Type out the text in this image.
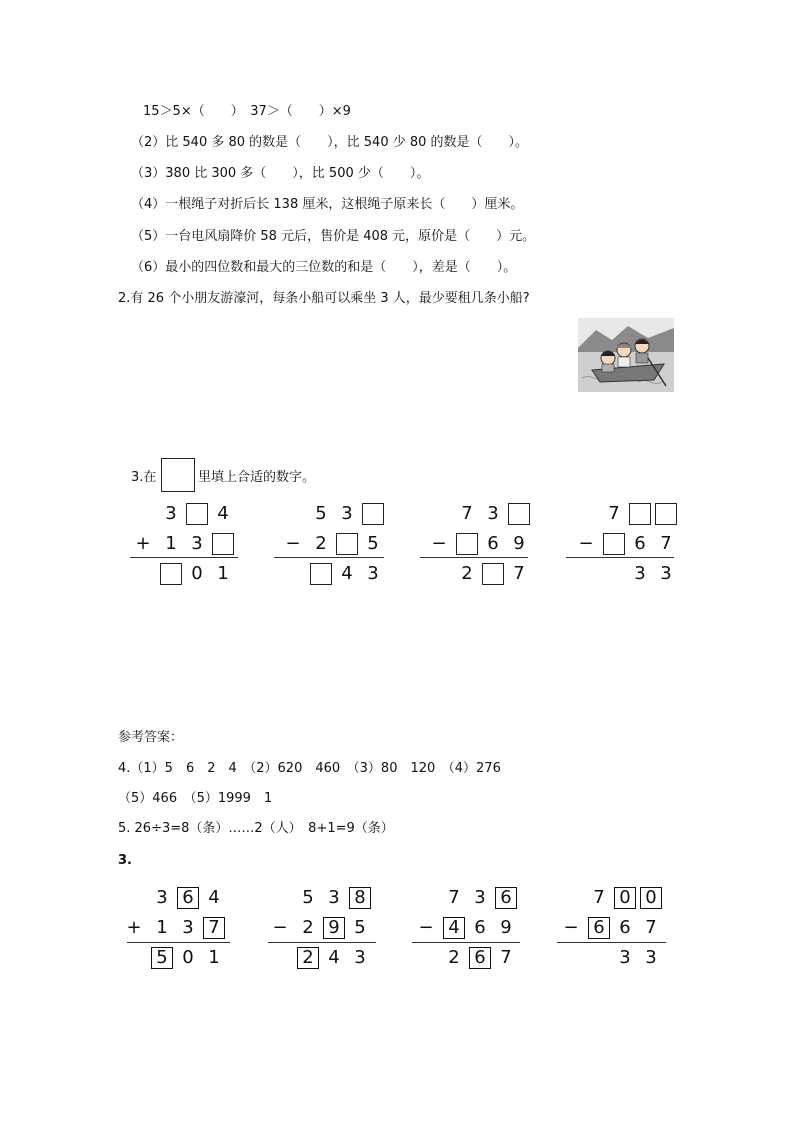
15＞5×（　　）　37＞（　　）×9
（2）比 540 多 80 的数是（　　），比 540 少 80 的数是（　　）。
（3）380 比 300 多（　　），比 500 少（　　）。
（4）一根绳子对折后长 138 厘米，这根绳子原来长（　　）厘米。
（5）一台电风扇降价 58 元后，售价是 408 元，原价是（　　）元。
（6）最小的四位数和最大的三位数的和是（　　），差是（　　）。
2.有 26 个小朋友游濠河，每条小船可以乘坐 3 人，最少要租几条小船?
3.在	里填上合适的数字。
3 4
1 3
0 1
+
5 3
2 5
4 3
−
7 3
6 9
2 7
−
7
6 7
3 3
−
参考答案：
4.（1）5　6　2　4　（2）620　460　（3）80　120　（4）276
（5）466　（5）1999　1
5. 26÷3=8（条）……2（人）　8+1=9（条）
3.
3 6 4
1 3 7
5 0 1
+
5 3 8
2 9 5
2 4 3
−
7 3 6
4 6 9
2 6 7
−
7 0 0
6 6 7
3 3
−
